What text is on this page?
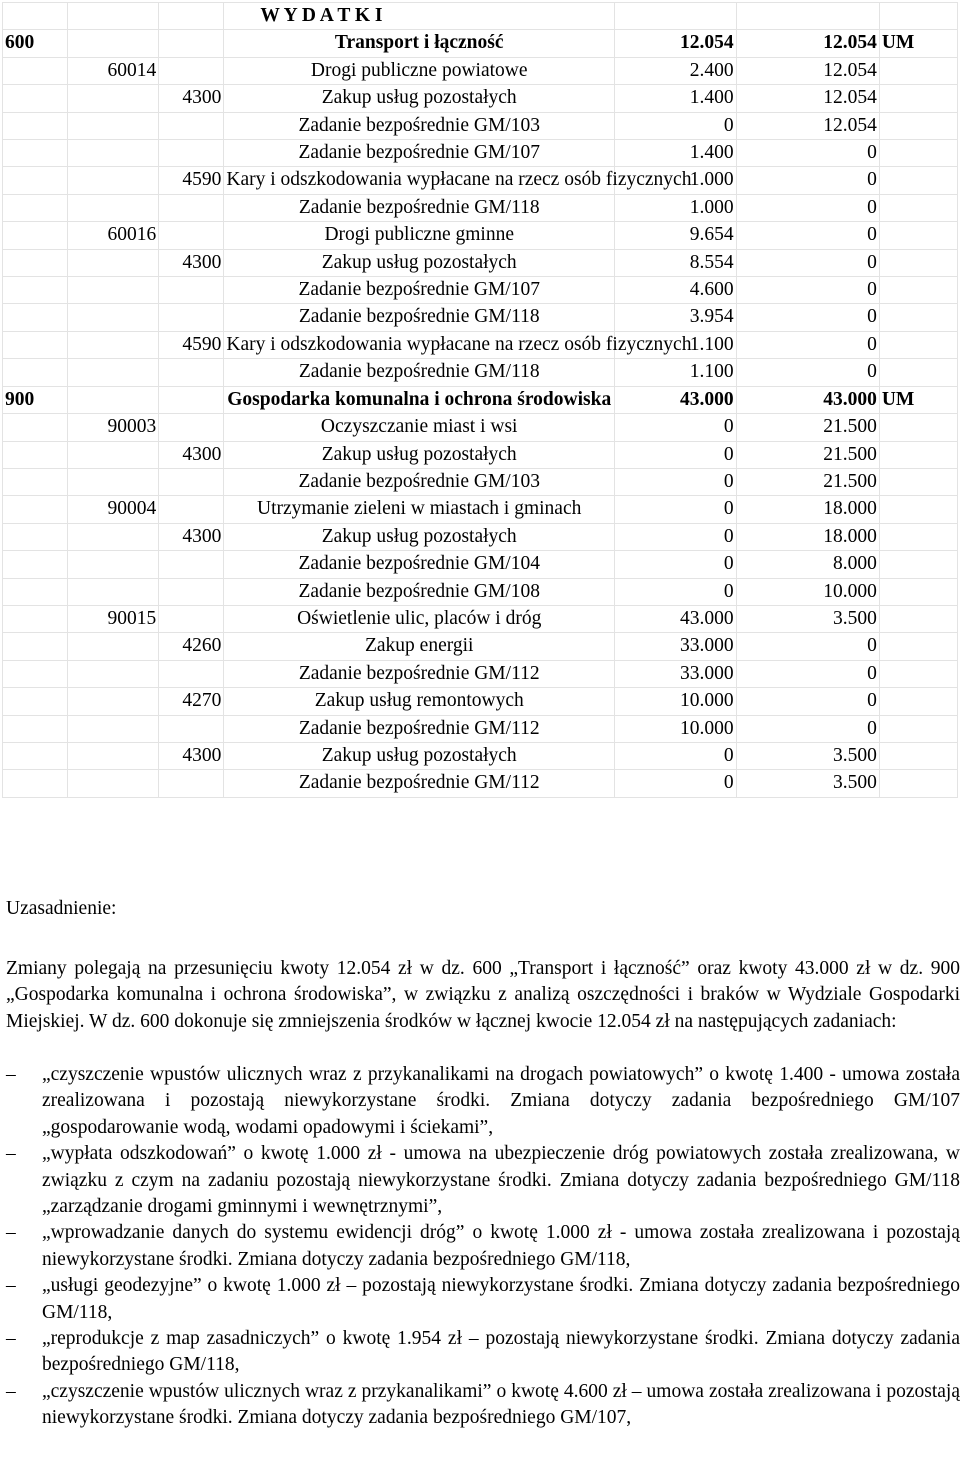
			W Y D A T K I			
600			Transport i łączność	12.054	12.054	UM
	60014		Drogi publiczne powiatowe	2.400	12.054	
		4300	Zakup usług pozostałych	1.400	12.054	
			Zadanie bezpośrednie GM/103	0	12.054	
			Zadanie bezpośrednie GM/107	1.400	0	
		4590	Kary i odszkodowania wypłacane na rzecz osób fizycznych	1.000	0	
			Zadanie bezpośrednie GM/118	1.000	0	
	60016		Drogi publiczne gminne	9.654	0	
		4300	Zakup usług pozostałych	8.554	0	
			Zadanie bezpośrednie GM/107	4.600	0	
			Zadanie bezpośrednie GM/118	3.954	0	
		4590	Kary i odszkodowania wypłacane na rzecz osób fizycznych	1.100	0	
			Zadanie bezpośrednie GM/118	1.100	0	
900			Gospodarka komunalna i ochrona środowiska	43.000	43.000	UM
	90003		Oczyszczanie miast i wsi	0	21.500	
		4300	Zakup usług pozostałych	0	21.500	
			Zadanie bezpośrednie GM/103	0	21.500	
	90004		Utrzymanie zieleni w miastach i gminach	0	18.000	
		4300	Zakup usług pozostałych	0	18.000	
			Zadanie bezpośrednie GM/104	0	8.000	
			Zadanie bezpośrednie GM/108	0	10.000	
	90015		Oświetlenie ulic, placów i dróg	43.000	3.500	
		4260	Zakup energii	33.000	0	
			Zadanie bezpośrednie GM/112	33.000	0	
		4270	Zakup usług remontowych	10.000	0	
			Zadanie bezpośrednie GM/112	10.000	0	
		4300	Zakup usług pozostałych	0	3.500	
			Zadanie bezpośrednie GM/112	0	3.500	
Uzasadnienie:
Zmiany polegają na przesunięciu kwoty 12.054 zł w dz. 600 „Transport i łączność” oraz kwoty 43.000 zł w dz. 900 „Gospodarka komunalna i ochrona środowiska”, w związku z analizą oszczędności i braków w Wydziale Gospodarki Miejskiej. W dz. 600 dokonuje się zmniejszenia środków w łącznej kwocie 12.054 zł na następujących zadaniach:
– „czyszczenie wpustów ulicznych wraz z przykanalikami na drogach powiatowych” o kwotę 1.400 - umowa została zrealizowana i pozostają niewykorzystane środki. Zmiana dotyczy zadania bezpośredniego GM/107 „gospodarowanie wodą, wodami opadowymi i ściekami”,
– „wypłata odszkodowań” o kwotę 1.000 zł - umowa na ubezpieczenie dróg powiatowych została zrealizowana, w związku z czym na zadaniu pozostają niewykorzystane środki. Zmiana dotyczy zadania bezpośredniego GM/118 „zarządzanie drogami gminnymi i wewnętrznymi”,
– „wprowadzanie danych do systemu ewidencji dróg” o kwotę 1.000 zł - umowa została zrealizowana i pozostają niewykorzystane środki. Zmiana dotyczy zadania bezpośredniego GM/118,
– „usługi geodezyjne” o kwotę 1.000 zł – pozostają niewykorzystane środki. Zmiana dotyczy zadania bezpośredniego GM/118,
– „reprodukcje z map zasadniczych” o kwotę 1.954 zł – pozostają niewykorzystane środki. Zmiana dotyczy zadania bezpośredniego GM/118,
– „czyszczenie wpustów ulicznych wraz z przykanalikami” o kwotę 4.600 zł – umowa została zrealizowana i pozostają niewykorzystane środki. Zmiana dotyczy zadania bezpośredniego GM/107,
